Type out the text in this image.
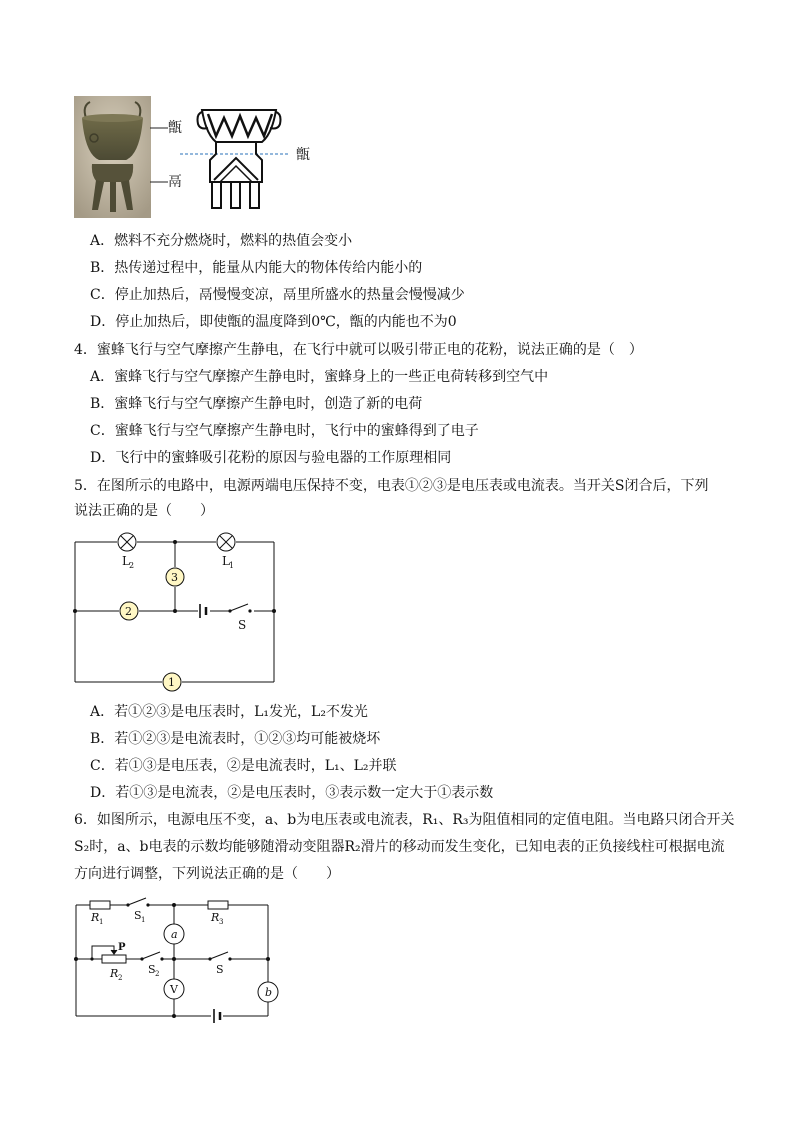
甑
鬲
甑
A．燃料不充分燃烧时，燃料的热值会变小
B．热传递过程中，能量从内能大的物体传给内能小的
C．停止加热后，鬲慢慢变凉，鬲里所盛水的热量会慢慢减少
D．停止加热后，即使甑的温度降到0℃，甑的内能也不为0
4．蜜蜂飞行与空气摩擦产生静电，在飞行中就可以吸引带正电的花粉，说法正确的是（　）
A．蜜蜂飞行与空气摩擦产生静电时，蜜蜂身上的一些正电荷转移到空气中
B．蜜蜂飞行与空气摩擦产生静电时，创造了新的电荷
C．蜜蜂飞行与空气摩擦产生静电时，飞行中的蜜蜂得到了电子
D．飞行中的蜜蜂吸引花粉的原因与验电器的工作原理相同
5．在图所示的电路中，电源两端电压保持不变，电表①②③是电压表或电流表。当开关S闭合后，下列
说法正确的是（　　）
L 2	L 1
3
2
1
S
A．若①②③是电压表时，L₁发光，L₂不发光
B．若①②③是电流表时，①②③均可能被烧坏
C．若①③是电压表，②是电流表时，L₁、L₂并联
D．若①③是电流表，②是电压表时，③表示数一定大于①表示数
6．如图所示，电源电压不变，a、b为电压表或电流表，R₁、R₃为阻值相同的定值电阻。当电路只闭合开关
S₂时，a、b电表的示数均能够随滑动变阻器R₂滑片的移动而发生变化，已知电表的正负接线柱可根据电流
方向进行调整，下列说法正确的是（　　）
R 1	S 1	R 3
a
P
R 2
S 2	S
V	b
